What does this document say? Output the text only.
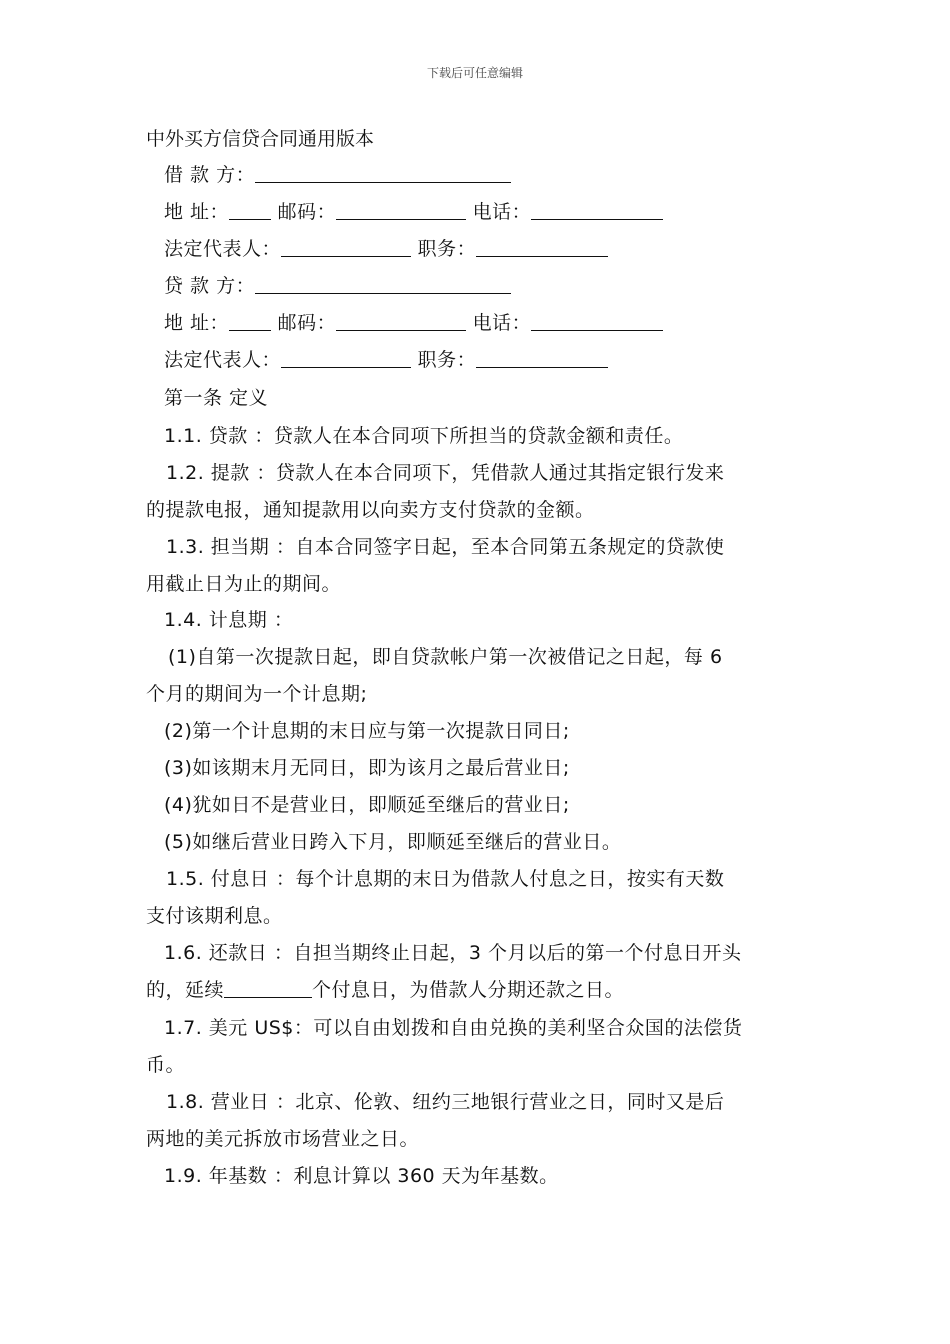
下载后可任意编辑
中外买方信贷合同通用版本
借 款 方：
地 址：	邮码：	电话：
法定代表人：	职务：
贷 款 方：
地 址：	邮码：	电话：
法定代表人：	职务：
第一条 定义
1.1. 贷款 ：贷款人在本合同项下所担当的贷款金额和责任。
1.2. 提款 ：贷款人在本合同项下，凭借款人通过其指定银行发来
的提款电报，通知提款用以向卖方支付贷款的金额。
1.3. 担当期 ：自本合同签字日起，至本合同第五条规定的贷款使
用截止日为止的期间。
1.4. 计息期 ：
(1)自第一次提款日起，即自贷款帐户第一次被借记之日起，每 6
个月的期间为一个计息期;
(2)第一个计息期的末日应与第一次提款日同日;
(3)如该期末月无同日，即为该月之最后营业日;
(4)犹如日不是营业日，即顺延至继后的营业日;
(5)如继后营业日跨入下月，即顺延至继后的营业日。
1.5. 付息日 ：每个计息期的末日为借款人付息之日，按实有天数
支付该期利息。
1.6. 还款日 ：自担当期终止日起，3 个月以后的第一个付息日开头
的，延续	个付息日，为借款人分期还款之日。
1.7. 美元 US$：可以自由划拨和自由兑换的美利坚合众国的法偿货
币。
1.8. 营业日 ：北京、伦敦、纽约三地银行营业之日，同时又是后
两地的美元拆放市场营业之日。
1.9. 年基数 ：利息计算以 360 天为年基数。
